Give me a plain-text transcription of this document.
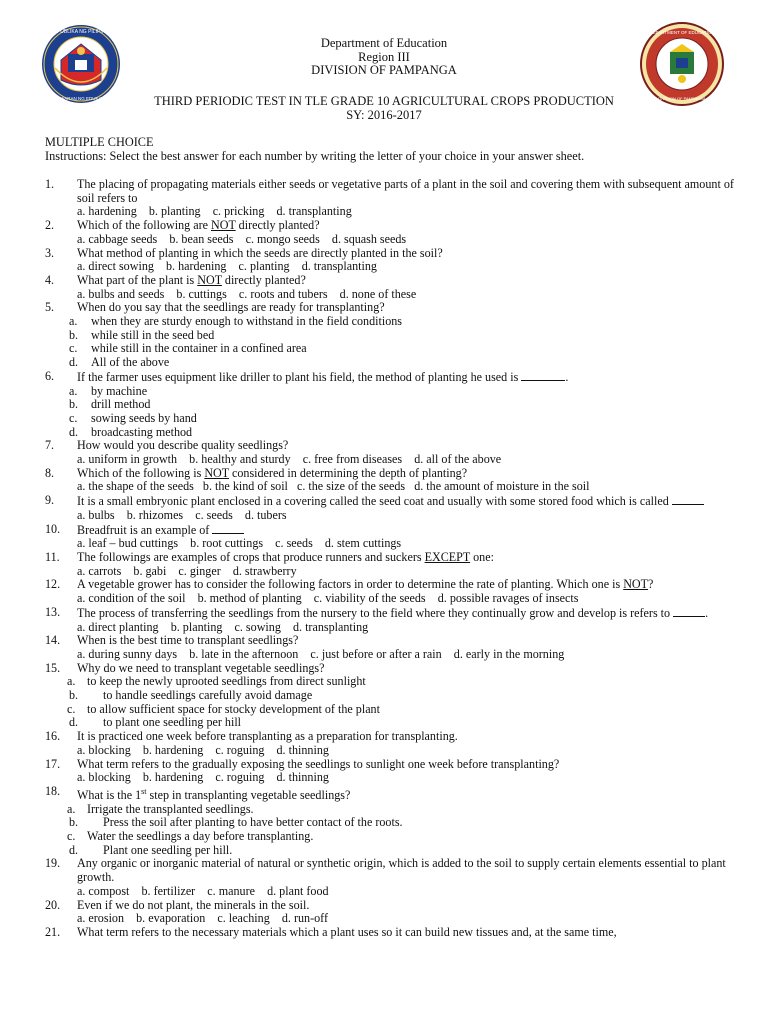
REPUBLIKA NG PILIPINAS
KAGAWARAN NG EDUKASYON
DEPARTMENT OF EDUCATION
DIVISION OF PAMPANGA
Department of Education
Region III
DIVISION OF PAMPANGA
THIRD PERIODIC TEST IN TLE GRADE 10 AGRICULTURAL CROPS PRODUCTION
SY: 2016-2017
MULTIPLE CHOICE
Instructions: Select the best answer for each number by writing the letter of your choice in your answer sheet.
1.	The placing of propagating materials either seeds or vegetative parts of a plant in the soil and covering them with subsequent amount of soil refers to
a. hardening    b. planting    c. pricking    d. transplanting
2.	Which of the following are NOT directly planted?
a. cabbage seeds    b. bean seeds    c. mongo seeds    d. squash seeds
3.	What method of planting in which the seeds are directly planted in the soil?
a. direct sowing    b. hardening    c. planting    d. transplanting
4.	What part of the plant is NOT directly planted?
a. bulbs and seeds    b. cuttings    c. roots and tubers    d. none of these
5.	When do you say that the seedlings are ready for transplanting?
a.	when they are sturdy enough to withstand in the field conditions
b.	while still in the seed bed
c.	while still in the container in a confined area
d.	All of the above
6.	If the farmer uses equipment like driller to plant his field, the method of planting he used is	.
a.	by machine
b.	drill method
c.	sowing seeds by hand
d.	broadcasting method
7.	How would you describe quality seedlings?
a. uniform in growth    b. healthy and sturdy    c. free from diseases    d. all of the above
8.	Which of the following is NOT considered in determining the depth of planting?
a. the shape of the seeds   b. the kind of soil   c. the size of the seeds   d. the amount of moisture in the soil
9.	It is a small embryonic plant enclosed in a covering called the seed coat and usually with some stored food which is called
a. bulbs    b. rhizomes    c. seeds    d. tubers
10.	Breadfruit is an example of
a. leaf – bud cuttings    b. root cuttings    c. seeds    d. stem cuttings
11.	The followings are examples of crops that produce runners and suckers EXCEPT one:
a. carrots    b. gabi    c. ginger    d. strawberry
12.	A vegetable grower has to consider the following factors in order to determine the rate of planting. Which one is NOT?
a. condition of the soil    b. method of planting    c. viability of the seeds    d. possible ravages of insects
13.	The process of transferring the seedlings from the nursery to the field where they continually grow and develop is refers to	.
a. direct planting    b. planting    c. sowing    d. transplanting
14.	When is the best time to transplant seedlings?
a. during sunny days    b. late in the afternoon    c. just before or after a rain    d. early in the morning
15.	Why do we need to transplant vegetable seedlings?
a. to keep the newly uprooted seedlings from direct sunlight
b.	to handle seedlings carefully avoid damage
c. to allow sufficient space for stocky development of the plant
d.	to plant one seedling per hill
16.	It is practiced one week before transplanting as a preparation for transplanting.
a. blocking    b. hardening    c. roguing    d. thinning
17.	What term refers to the gradually exposing the seedlings to sunlight one week before transplanting?
a. blocking    b. hardening    c. roguing    d. thinning
18.	What is the 1st step in transplanting vegetable seedlings?
a. Irrigate the transplanted seedlings.
b.	Press the soil after planting to have better contact of the roots.
c. Water the seedlings a day before transplanting.
d.	Plant one seedling per hill.
19.	Any organic or inorganic material of natural or synthetic origin, which is added to the soil to supply certain elements essential to plant growth.
a. compost    b. fertilizer    c. manure    d. plant food
20.	Even if we do not plant, the minerals in the soil.
a. erosion    b. evaporation    c. leaching    d. run-off
21.	What term refers to the necessary materials which a plant uses so it can build new tissues and, at the same time,
